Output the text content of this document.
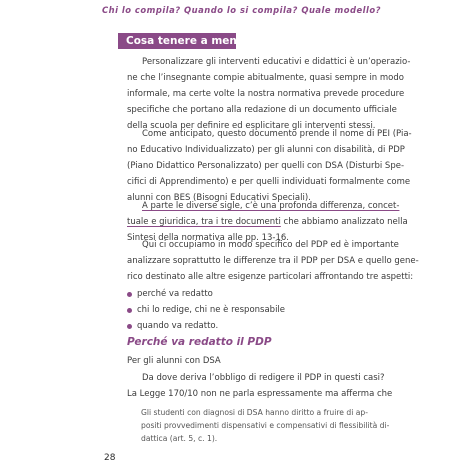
Chi lo compila? Quando lo si compila? Quale modello?
Cosa tenere a mente
Personalizzare gli interventi educativi e didattici è un’operazio-
ne che l’insegnante compie abitualmente, quasi sempre in modo
informale, ma certe volte la nostra normativa prevede procedure
specifiche che portano alla redazione di un documento ufficiale
della scuola per definire ed esplicitare gli interventi stessi.
Come anticipato, questo documento prende il nome di PEI (Pia-
no Educativo Individualizzato) per gli alunni con disabilità, di PDP
(Piano Didattico Personalizzato) per quelli con DSA (Disturbi Spe-
cifici di Apprendimento) e per quelli individuati formalmente come
alunni con BES (Bisogni Educativi Speciali).
A parte le diverse sigle, c’è una profonda differenza, concet-
tuale e giuridica, tra i tre documenti che abbiamo analizzato nella
Sintesi della normativa alle pp. 13-16.
Qui ci occupiamo in modo specifico del PDP ed è importante
analizzare soprattutto le differenze tra il PDP per DSA e quello gene-
rico destinato alle altre esigenze particolari affrontando tre aspetti:
perché va redatto
chi lo redige, chi ne è responsabile
quando va redatto.
Perché va redatto il PDP
Per gli alunni con DSA
Da dove deriva l’obbligo di redigere il PDP in questi casi?
La Legge 170/10 non ne parla espressamente ma afferma che
Gli studenti con diagnosi di DSA hanno diritto a fruire di ap-
positi provvedimenti dispensativi e compensativi di flessibilità di-
dattica (art. 5, c. 1).
28
